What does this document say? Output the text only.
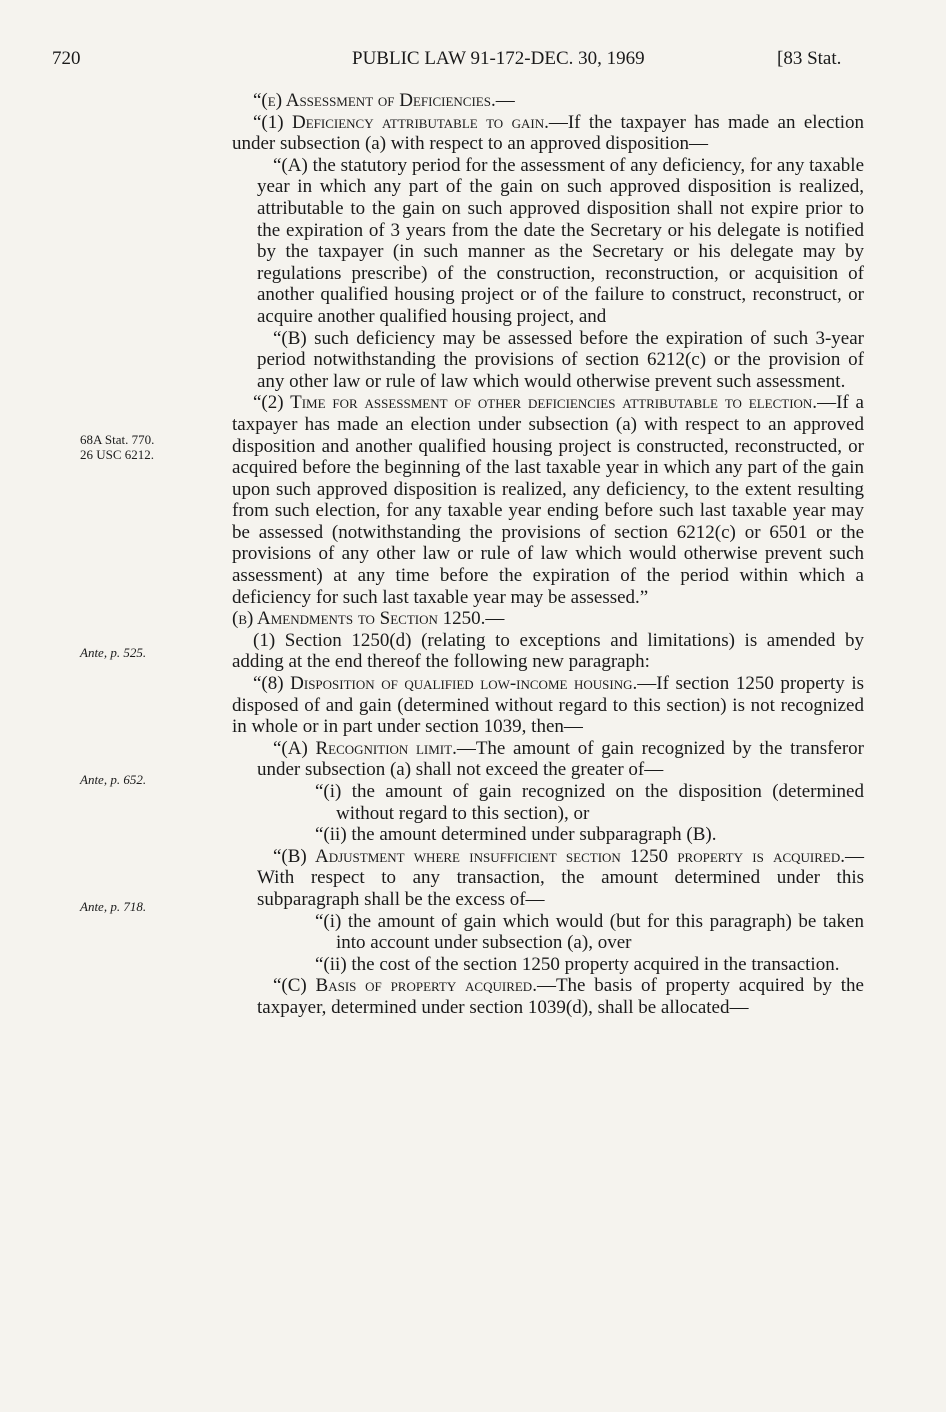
720	PUBLIC LAW 91-172-DEC. 30, 1969	[83 Stat.
68A Stat. 770.
26 USC 6212.
Ante, p. 525.
Ante, p. 652.
Ante, p. 718.

“(e) Assessment of Deficiencies.—

“(1) Deficiency attributable to gain.—If the taxpayer has made an election under subsection (a) with respect to an approved disposition—

“(A) the statutory period for the assessment of any deficiency, for any taxable year in which any part of the gain on such approved disposition is realized, attributable to the gain on such approved disposition shall not expire prior to the expiration of 3 years from the date the Secretary or his delegate is notified by the taxpayer (in such manner as the Secretary or his delegate may by regulations prescribe) of the construction, reconstruction, or acquisition of another qualified housing project or of the failure to construct, reconstruct, or acquire another qualified housing project, and

“(B) such deficiency may be assessed before the expiration of such 3-year period notwithstanding the provisions of section 6212(c) or the provision of any other law or rule of law which would otherwise prevent such assessment.

“(2) Time for assessment of other deficiencies attributable to election.—If a taxpayer has made an election under subsection (a) with respect to an approved disposition and another qualified housing project is constructed, reconstructed, or acquired before the beginning of the last taxable year in which any part of the gain upon such approved disposition is realized, any deficiency, to the extent resulting from such election, for any taxable year ending before such last taxable year may be assessed (notwithstanding the provisions of section 6212(c) or 6501 or the provisions of any other law or rule of law which would otherwise prevent such assessment) at any time before the expiration of the period within which a deficiency for such last taxable year may be assessed.”

(b) Amendments to Section 1250.—

(1) Section 1250(d) (relating to exceptions and limitations) is amended by adding at the end thereof the following new paragraph:

“(8) Disposition of qualified low-income housing.—If section 1250 property is disposed of and gain (determined without regard to this section) is not recognized in whole or in part under section 1039, then—

“(A) Recognition limit.—The amount of gain recognized by the transferor under subsection (a) shall not exceed the greater of—

“(i) the amount of gain recognized on the disposition (determined without regard to this section), or

“(ii) the amount determined under subparagraph (B).

“(B) Adjustment where insufficient section 1250 property is acquired.—With respect to any transaction, the amount determined under this subparagraph shall be the excess of—

“(i) the amount of gain which would (but for this paragraph) be taken into account under subsection (a), over

“(ii) the cost of the section 1250 property acquired in the transaction.

“(C) Basis of property acquired.—The basis of property acquired by the taxpayer, determined under section 1039(d), shall be allocated—
